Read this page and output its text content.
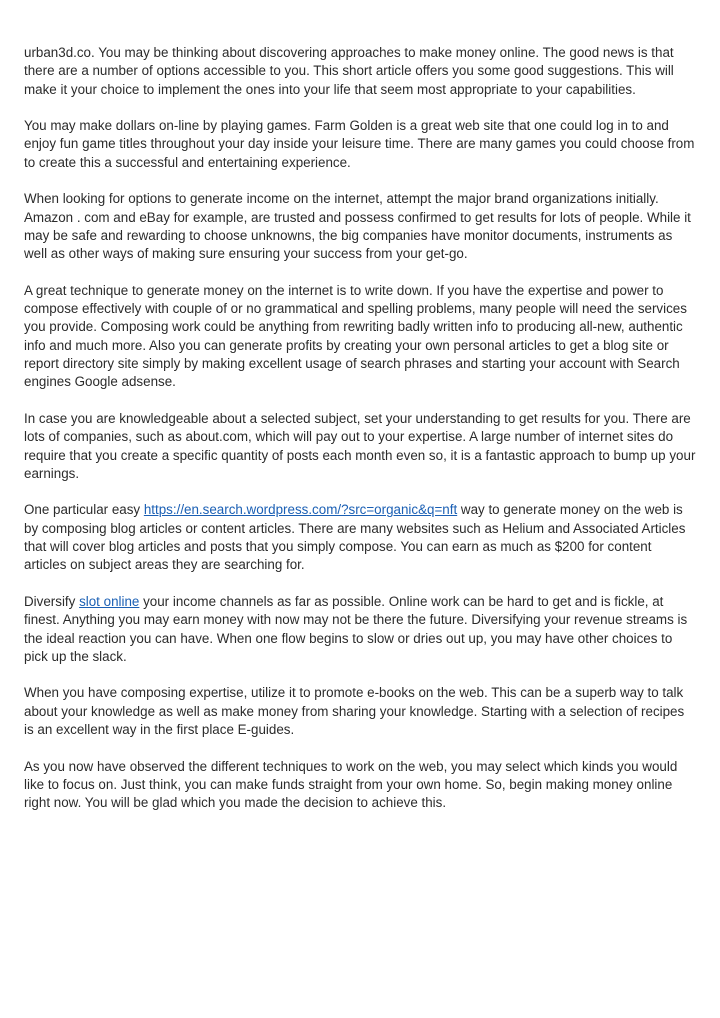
urban3d.co. You may be thinking about discovering approaches to make money online. The good news is that there are a number of options accessible to you. This short article offers you some good suggestions. This will make it your choice to implement the ones into your life that seem most appropriate to your capabilities.

You may make dollars on-line by playing games. Farm Golden is a great web site that one could log in to and enjoy fun game titles throughout your day inside your leisure time. There are many games you could choose from to create this a successful and entertaining experience.

When looking for options to generate income on the internet, attempt the major brand organizations initially. Amazon . com and eBay for example, are trusted and possess confirmed to get results for lots of people. While it may be safe and rewarding to choose unknowns, the big companies have monitor documents, instruments as well as other ways of making sure ensuring your success from your get-go.

A great technique to generate money on the internet is to write down. If you have the expertise and power to compose effectively with couple of or no grammatical and spelling problems, many people will need the services you provide. Composing work could be anything from rewriting badly written info to producing all-new, authentic info and much more. Also you can generate profits by creating your own personal articles to get a blog site or report directory site simply by making excellent usage of search phrases and starting your account with Search engines Google adsense.

In case you are knowledgeable about a selected subject, set your understanding to get results for you. There are lots of companies, such as about.com, which will pay out to your expertise. A large number of internet sites do require that you create a specific quantity of posts each month even so, it is a fantastic approach to bump up your earnings.

One particular easy https://en.search.wordpress.com/?src=organic&q=nft way to generate money on the web is by composing blog articles or content articles. There are many websites such as Helium and Associated Articles that will cover blog articles and posts that you simply compose. You can earn as much as $200 for content articles on subject areas they are searching for.

Diversify slot online your income channels as far as possible. Online work can be hard to get and is fickle, at finest. Anything you may earn money with now may not be there the future. Diversifying your revenue streams is the ideal reaction you can have. When one flow begins to slow or dries out up, you may have other choices to pick up the slack.

When you have composing expertise, utilize it to promote e-books on the web. This can be a superb way to talk about your knowledge as well as make money from sharing your knowledge. Starting with a selection of recipes is an excellent way in the first place E-guides.

As you now have observed the different techniques to work on the web, you may select which kinds you would like to focus on. Just think, you can make funds straight from your own home. So, begin making money online right now. You will be glad which you made the decision to achieve this.
